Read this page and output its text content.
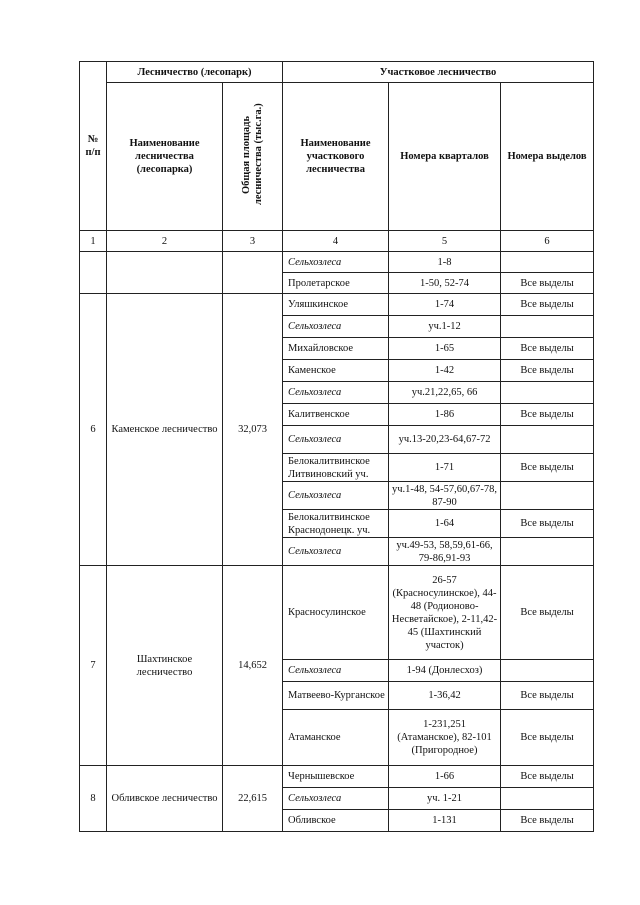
№ п/п	Лесничество (лесопарк)		Участковое лесничество		
	Наименование лесничества (лесопарка)	Общая площадь лесничества (тыс.га.)	Наименование участкового лесничества	Номера кварталов	Номера выделов
1	2	3	4	5	6
			Сельхозлеса	1-8	
			Пролетарское	1-50, 52-74	Все выделы
6	Каменское лесничество	32,073	Уляшкинское	1-74	Все выделы
			Сельхозлеса	уч.1-12	
			Михайловское	1-65	Все выделы
			Каменское	1-42	Все выделы
			Сельхозлеса	уч.21,22,65, 66	
			Калитвенское	1-86	Все выделы
			Сельхозлеса	уч.13-20,23-64,67-72	
			Белокалитвинское Литвиновский уч.	1-71	Все выделы
			Сельхозлеса	уч.1-48, 54-57,60,67-78, 87-90	
			Белокалитвинское Краснодонецк. уч.	1-64	Все выделы
			Сельхозлеса	уч.49-53, 58,59,61-66, 79-86,91-93	
7	Шахтинское лесничество	14,652	Красносулинское	26-57 (Красносулинское), 44-48 (Родионово-Несветайское), 2-11,42-45 (Шахтинский участок)	Все выделы
			Сельхозлеса	1-94 (Донлесхоз)	
			Матвеево-Курганское	1-36,42	Все выделы
			Атаманское	1-231,251 (Атаманское), 82-101 (Пригородное)	Все выделы
8	Обливское лесничество	22,615	Чернышевское	1-66	Все выделы
			Сельхозлеса	уч. 1-21	
			Обливское	1-131	Все выделы
